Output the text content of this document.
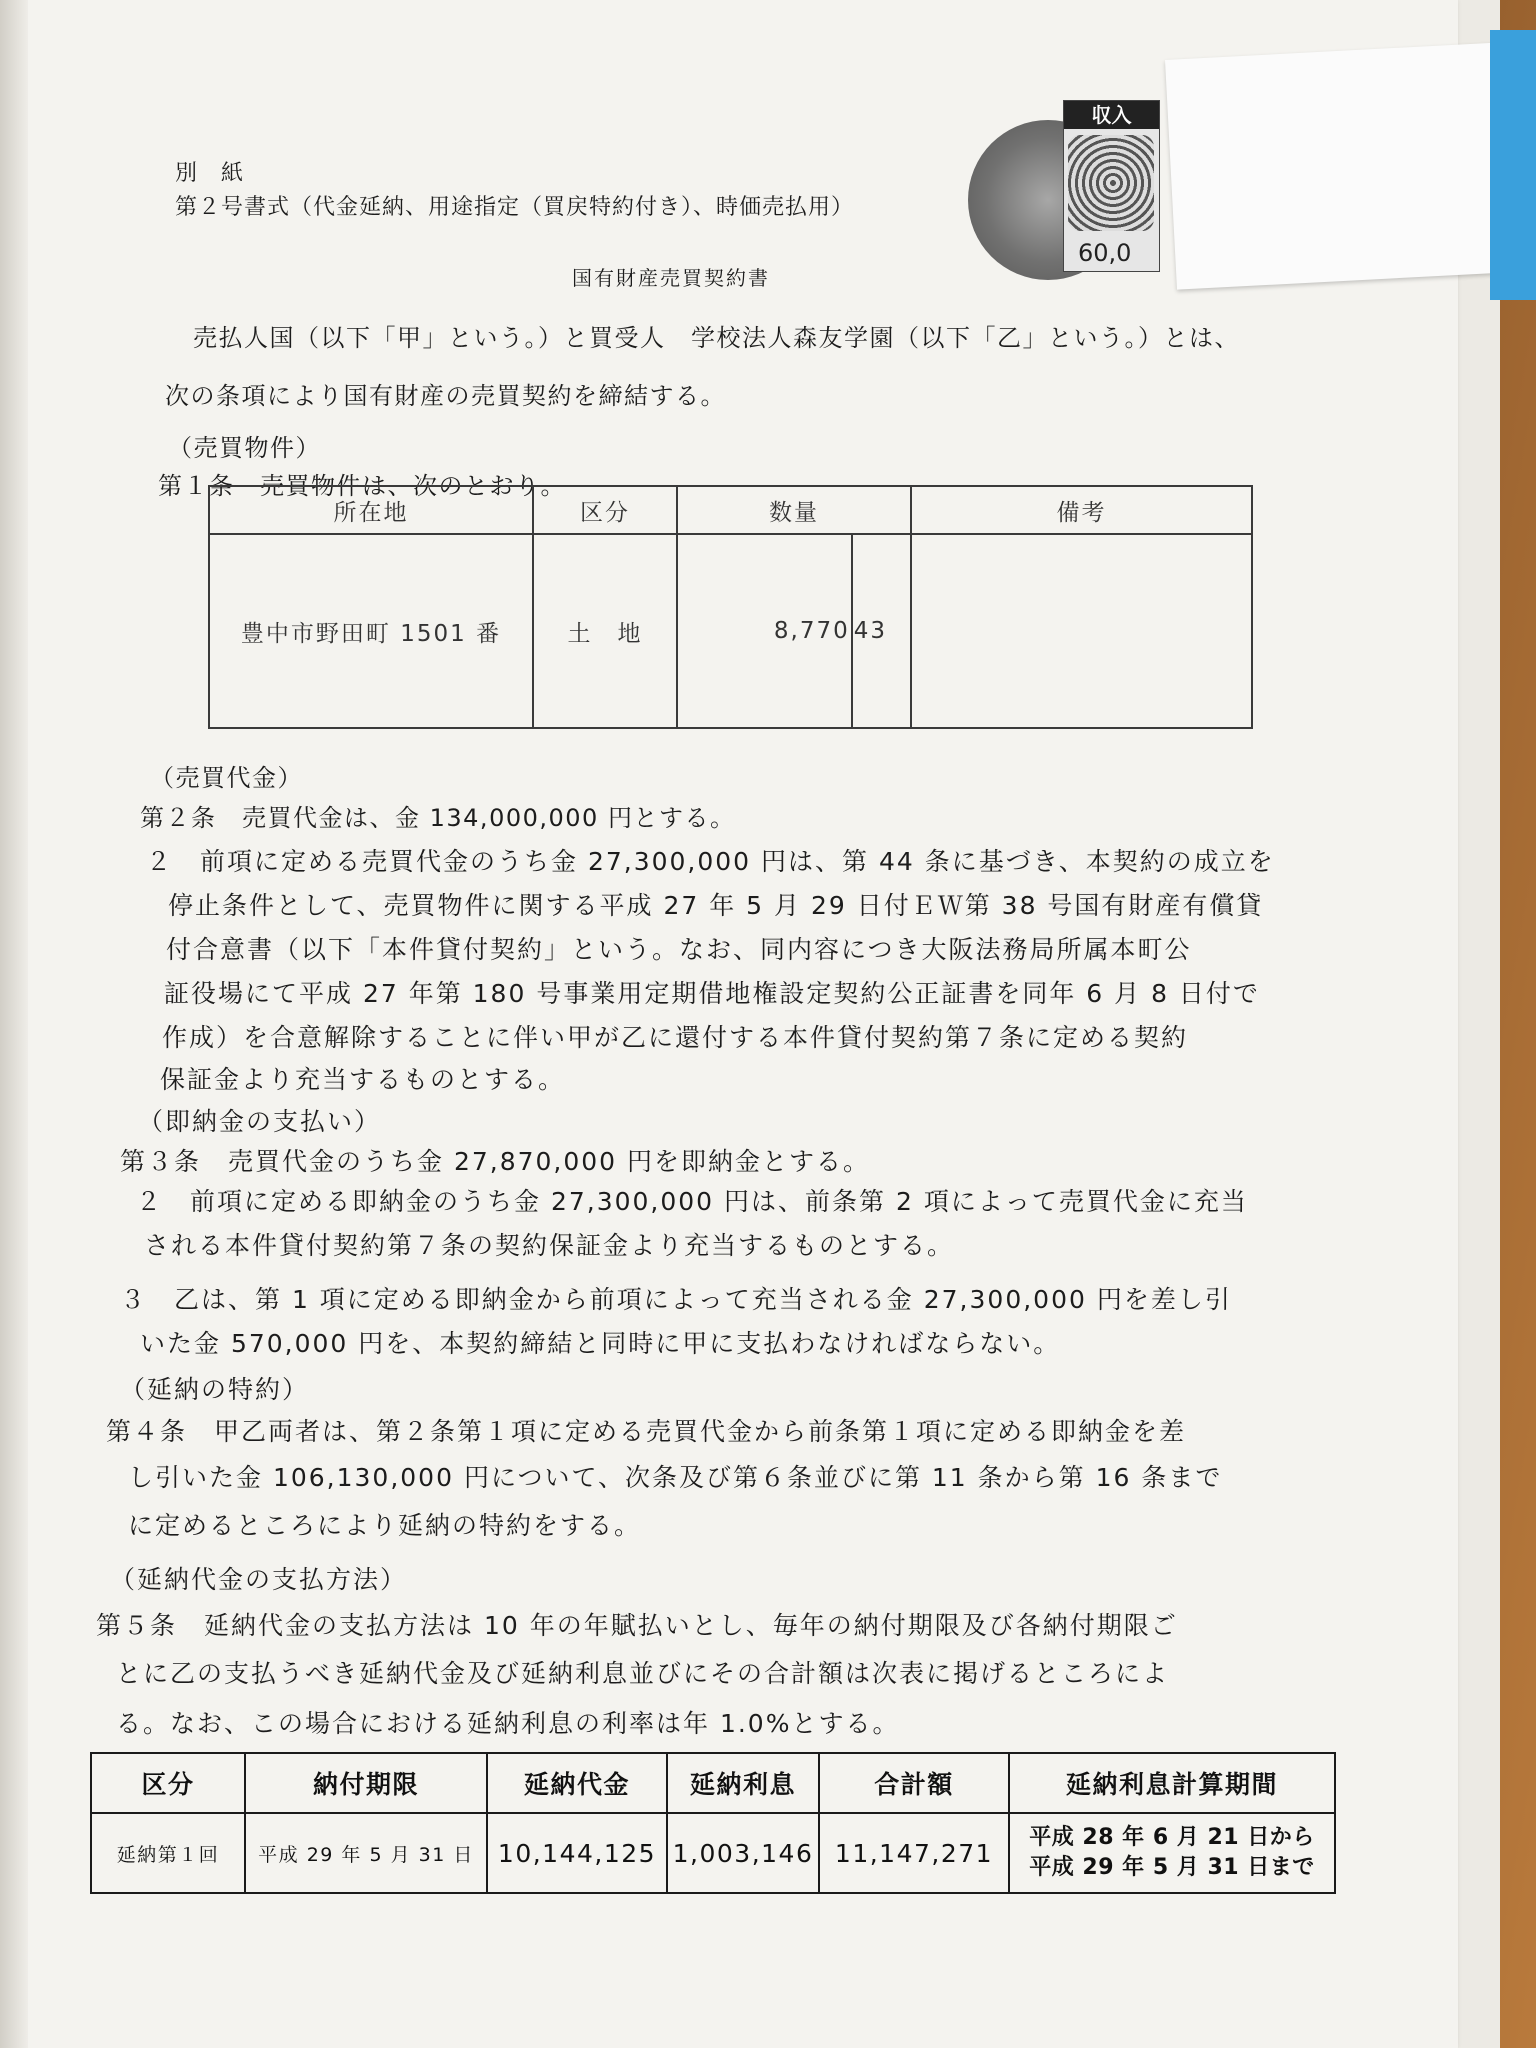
別　紙
第２号書式（代金延納、用途指定（買戻特約付き）、時価売払用）
収入
60,0
国有財産売買契約書
売払人国（以下「甲」という。）と買受人　学校法人森友学園（以下「乙」という。）とは、
次の条項により国有財産の売買契約を締結する。
（売買物件）
第１条　売買物件は、次のとおり。
所在地	区分	数量		備考
豊中市野田町 1501 番	土　地	8,770	43	
（売買代金）
第２条　売買代金は、金 134,000,000 円とする。
２　前項に定める売買代金のうち金 27,300,000 円は、第 44 条に基づき、本契約の成立を
停止条件として、売買物件に関する平成 27 年 5 月 29 日付ＥＷ第 38 号国有財産有償貸
付合意書（以下「本件貸付契約」という。なお、同内容につき大阪法務局所属本町公
証役場にて平成 27 年第 180 号事業用定期借地権設定契約公正証書を同年 6 月 8 日付で
作成）を合意解除することに伴い甲が乙に還付する本件貸付契約第７条に定める契約
保証金より充当するものとする。
（即納金の支払い）
第３条　売買代金のうち金 27,870,000 円を即納金とする。
２　前項に定める即納金のうち金 27,300,000 円は、前条第 2 項によって売買代金に充当
される本件貸付契約第７条の契約保証金より充当するものとする。
３　乙は、第 1 項に定める即納金から前項によって充当される金 27,300,000 円を差し引
いた金 570,000 円を、本契約締結と同時に甲に支払わなければならない。
（延納の特約）
第４条　甲乙両者は、第２条第１項に定める売買代金から前条第１項に定める即納金を差
し引いた金 106,130,000 円について、次条及び第６条並びに第 11 条から第 16 条まで
に定めるところにより延納の特約をする。
（延納代金の支払方法）
第５条　延納代金の支払方法は 10 年の年賦払いとし、毎年の納付期限及び各納付期限ご
とに乙の支払うべき延納代金及び延納利息並びにその合計額は次表に掲げるところによ
る。なお、この場合における延納利息の利率は年 1.0%とする。
区分	納付期限	延納代金	延納利息	合計額	延納利息計算期間
延納第１回	平成 29 年 5 月 31 日	10,144,125	1,003,146	11,147,271	平成 28 年 6 月 21 日から
平成 29 年 5 月 31 日まで
